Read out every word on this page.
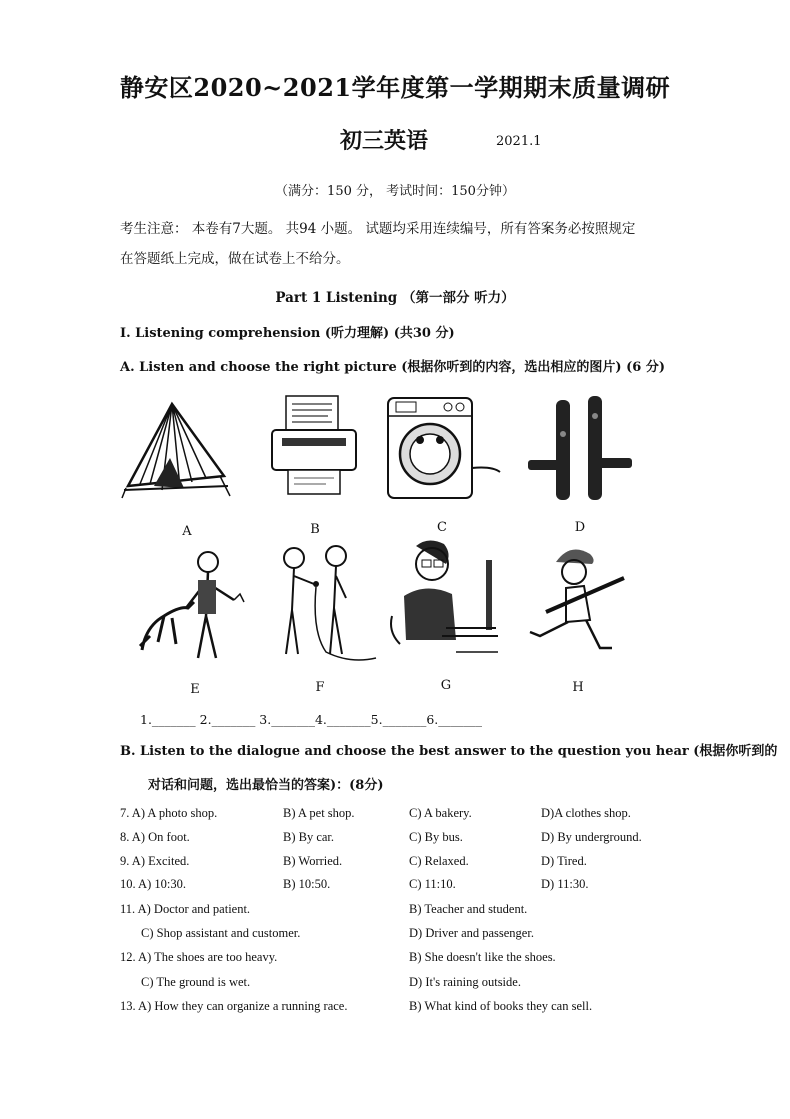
静安区2020~2021学年度第一学期期末质量调研
初三英语	2021.1
（满分：150 分， 考试时间：150分钟）
考生注意： 本卷有7大题。 共94 小题。 试题均采用连续编号，所有答案务必按照规定
在答题纸上完成，做在试卷上不给分。
Part 1 Listening （第一部分 听力）
I. Listening comprehension (听力理解) (共30 分)
A. Listen and choose the right picture (根据你听到的内容，选出相应的图片) (6 分)
A	B	C	D
E	F	G	H
1._______ 2._______ 3._______4._______5._______6._______
B. Listen to the dialogue and choose the best answer to the question you hear (根据你听到的
对话和问题，选出最恰当的答案)：(8分)
7. A) A photo shop.	B) A pet shop.	C) A bakery.	D)A clothes shop.
8. A) On foot.	B) By car.	C) By bus.	D) By underground.
9. A) Excited.	B) Worried.	C) Relaxed.	D) Tired.
10. A) 10:30.	B) 10:50.	C) 11:10.	D) 11:30.
11. A) Doctor and patient.	B) Teacher and student.
C) Shop assistant and customer.	D) Driver and passenger.
12. A) The shoes are too heavy.	B) She doesn't like the shoes.
C) The ground is wet.	D) It's raining outside.
13. A) How they can organize a running race.	B) What kind of books they can sell.
